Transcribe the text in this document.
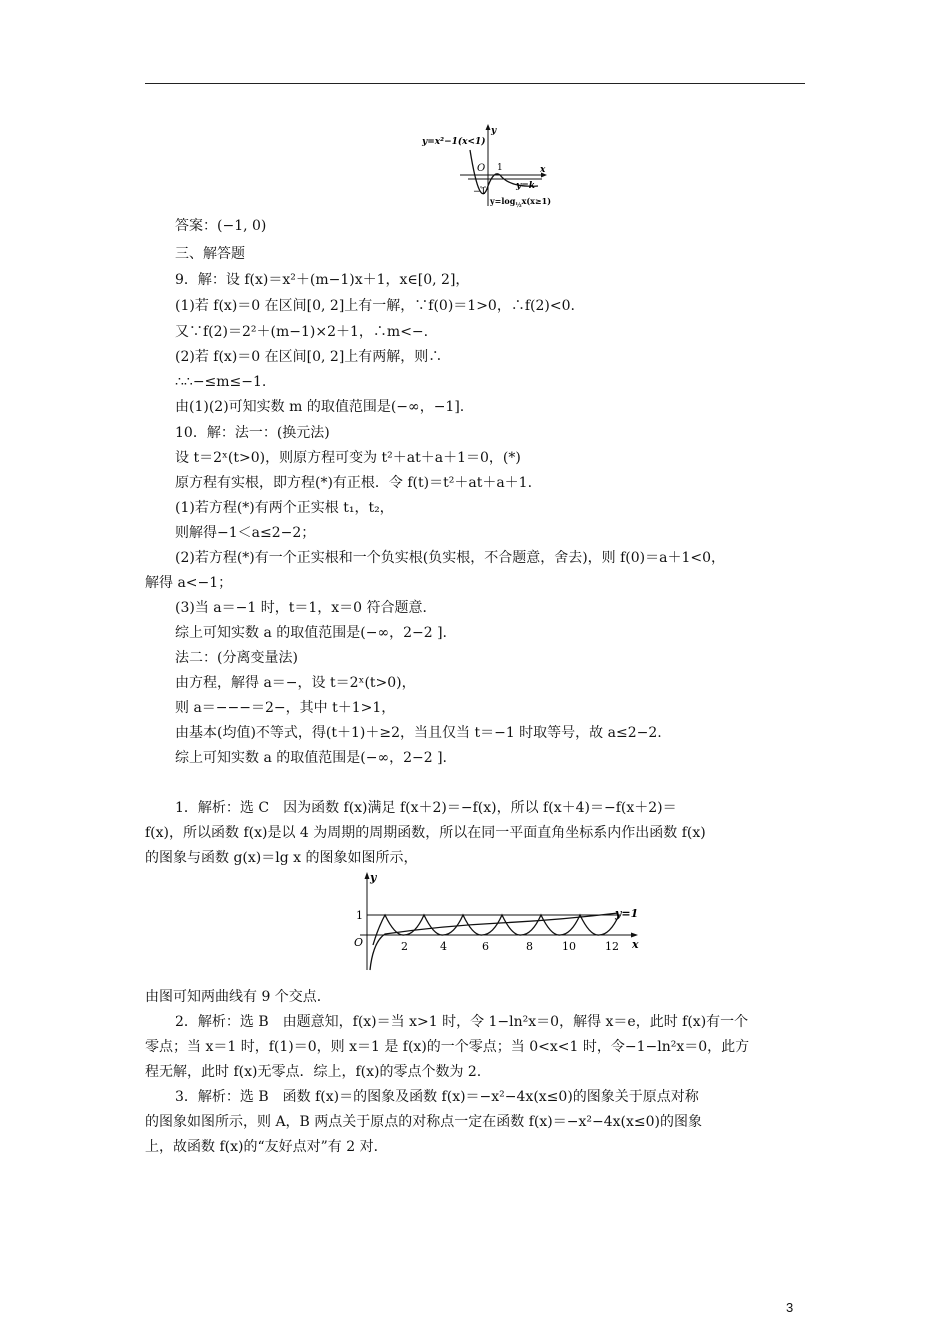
y=x²−1(x<1)
y
x
O 1
−1
y=k
$y=\log_{\frac{1}{2}}x(x\ge 1)$
答案：(−1, 0)
三、解答题
9．解：设 f(x)＝x²＋(m−1)x＋1，x∈[0, 2]，
(1)若 f(x)＝0 在区间[0, 2]上有一解，∵f(0)＝1>0，∴f(2)<0.
又∵f(2)＝2²＋(m−1)×2＋1，∴m<−.
(2)若 f(x)＝0 在区间[0, 2]上有两解，则∴
∴∴−≤m≤−1.
由(1)(2)可知实数 m 的取值范围是(−∞，−1].
10．解：法一：(换元法)
设 t＝2ˣ(t>0)，则原方程可变为 t²＋at＋a＋1＝0，(*)
原方程有实根，即方程(*)有正根．令 f(t)＝t²＋at＋a＋1.
(1)若方程(*)有两个正实根 t₁，t₂，
则解得−1＜a≤2−2；
(2)若方程(*)有一个正实根和一个负实根(负实根，不合题意，舍去)，则 f(0)＝a＋1<0，
解得 a<−1；
(3)当 a＝−1 时，t＝1，x＝0 符合题意．
综上可知实数 a 的取值范围是(−∞，2−2 ].
法二：(分离变量法)
由方程，解得 a＝−，设 t＝2ˣ(t>0)，
则 a＝−−−＝2−，其中 t＋1>1，
由基本(均值)不等式，得(t＋1)＋≥2，当且仅当 t＝−1 时取等号，故 a≤2−2.
综上可知实数 a 的取值范围是(−∞，2−2 ].
1．解析：选 C　因为函数 f(x)满足 f(x＋2)＝−f(x)，所以 f(x＋4)＝−f(x＋2)＝
f(x)，所以函数 f(x)是以 4 为周期的周期函数，所以在同一平面直角坐标系内作出函数 f(x)
的图象与函数 g(x)＝lg x 的图象如图所示，
y
x
O
1	y=1
2	4	6	8	10	12
由图可知两曲线有 9 个交点．
2．解析：选 B　由题意知，f(x)＝当 x>1 时，令 1−ln²x＝0，解得 x＝e，此时 f(x)有一个
零点；当 x＝1 时，f(1)＝0，则 x＝1 是 f(x)的一个零点；当 0<x<1 时，令−1−ln²x＝0，此方
程无解，此时 f(x)无零点．综上，f(x)的零点个数为 2.
3．解析：选 B　函数 f(x)＝的图象及函数 f(x)＝−x²−4x(x≤0)的图象关于原点对称
的图象如图所示，则 A，B 两点关于原点的对称点一定在函数 f(x)＝−x²−4x(x≤0)的图象
上，故函数 f(x)的“友好点对”有 2 对．
3
